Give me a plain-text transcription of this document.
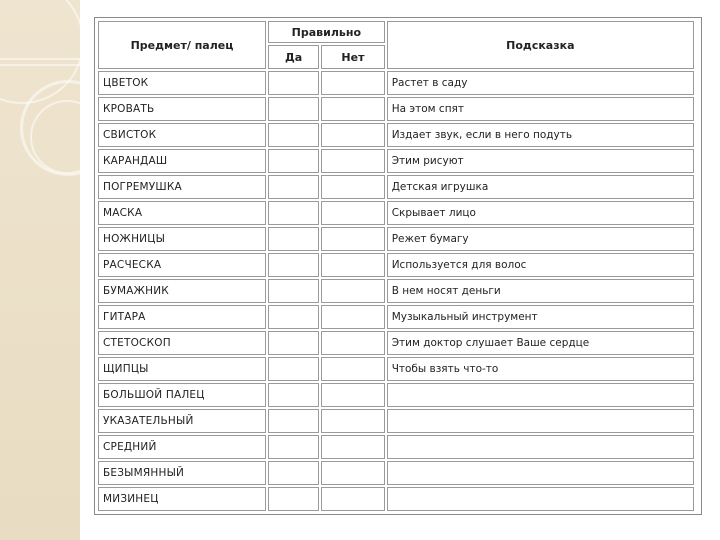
Предмет/ палец	Правильно		Подсказка
	Да	Нет	
ЦВЕТОК			Растет в саду
КРОВАТЬ			На этом спят
СВИСТОК			Издает звук, если в него подуть
КАРАНДАШ			Этим рисуют
ПОГРЕМУШКА			Детская игрушка
МАСКА			Скрывает лицо
НОЖНИЦЫ			Режет бумагу
РАСЧЕСКА			Используется для волос
БУМАЖНИК			В нем носят деньги
ГИТАРА			Музыкальный инструмент
СТЕТОСКОП			Этим доктор слушает Ваше сердце
ЩИПЦЫ			Чтобы взять что-то
БОЛЬШОЙ ПАЛЕЦ			
УКАЗАТЕЛЬНЫЙ			
СРЕДНИЙ			
БЕЗЫМЯННЫЙ			
МИЗИНЕЦ			
